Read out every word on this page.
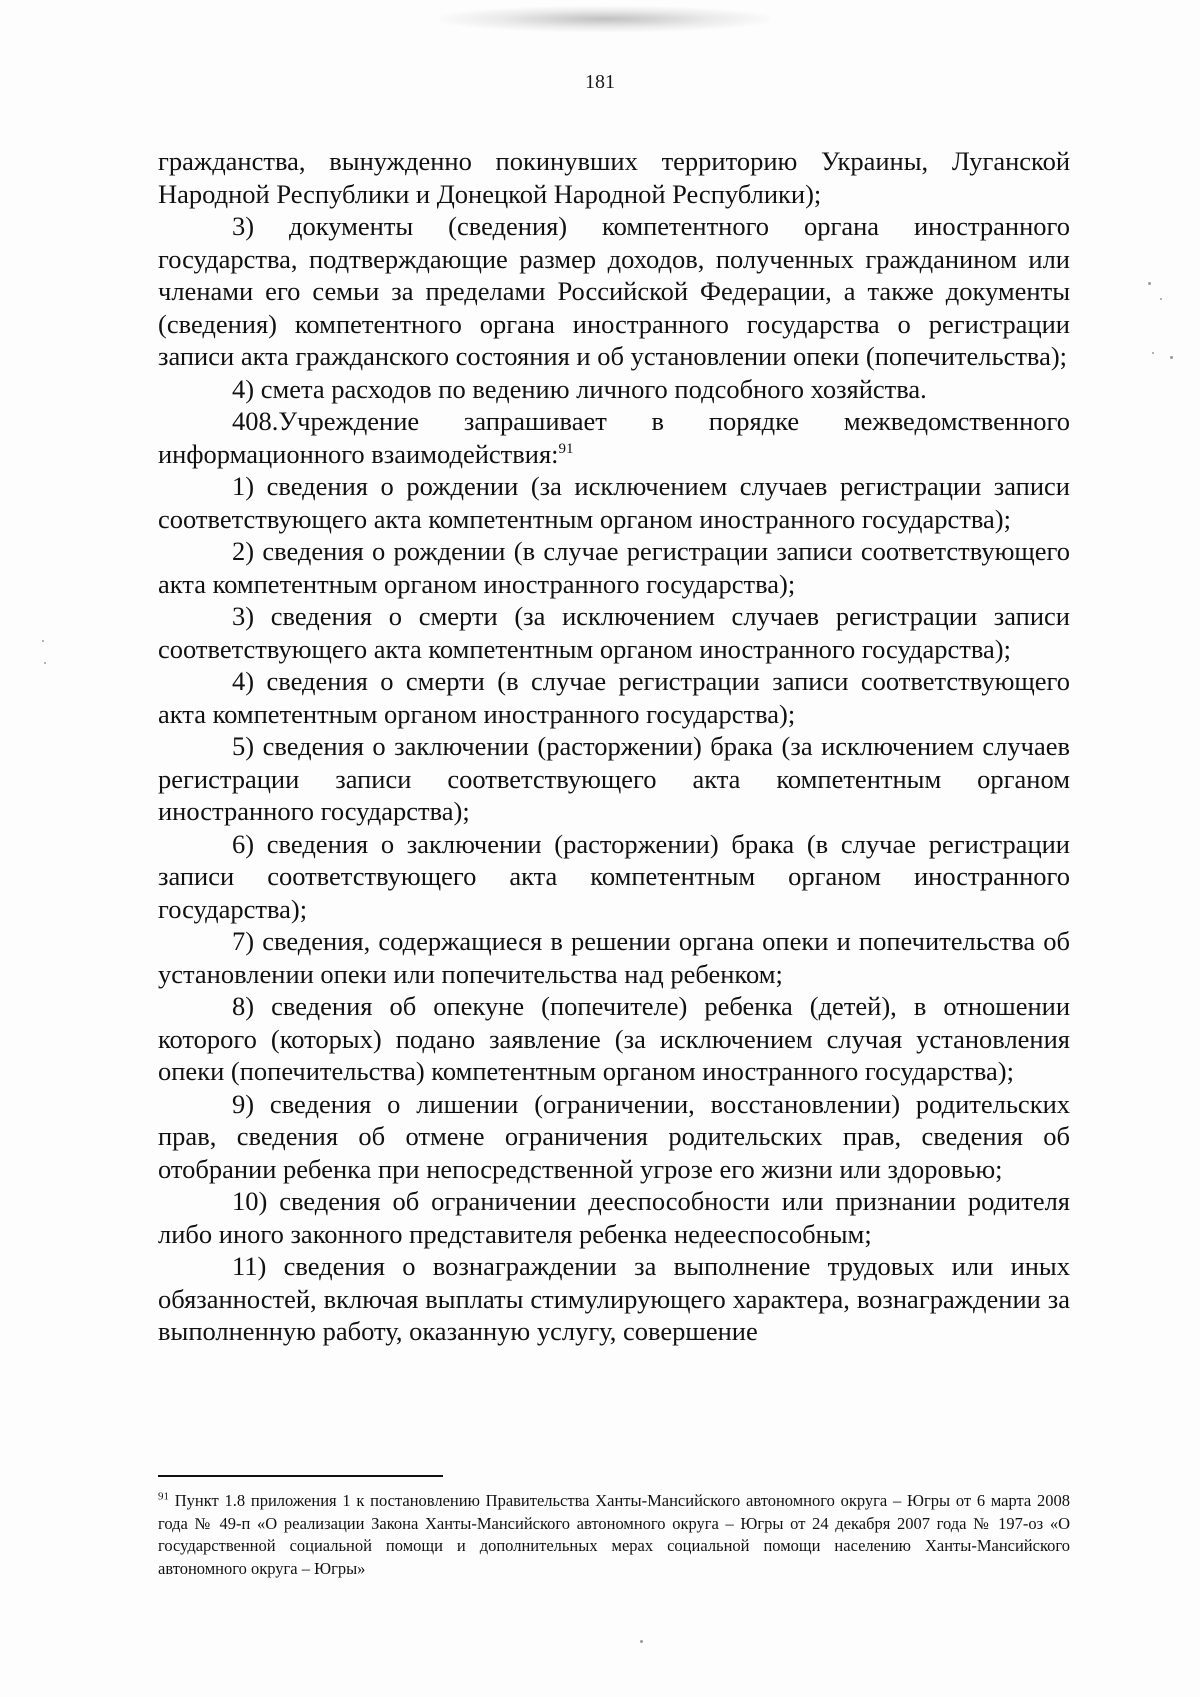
181

гражданства, вынужденно покинувших территорию Украины, Луганской Народной Республики и Донецкой Народной Республики);

3) документы (сведения) компетентного органа иностранного государства, подтверждающие размер доходов, полученных гражданином или членами его семьи за пределами Российской Федерации, а также документы (сведения) компетентного органа иностранного государства о регистрации записи акта гражданского состояния и об установлении опеки (попечительства);

4) смета расходов по ведению личного подсобного хозяйства.

408.Учреждение запрашивает в порядке межведомственного информационного взаимодействия:$^{91}$

1) сведения о рождении (за исключением случаев регистрации записи соответствующего акта компетентным органом иностранного государства);

2) сведения о рождении (в случае регистрации записи соответствующего акта компетентным органом иностранного государства);

3) сведения о смерти (за исключением случаев регистрации записи соответствующего акта компетентным органом иностранного государства);

4) сведения о смерти (в случае регистрации записи соответствующего акта компетентным органом иностранного государства);

5) сведения о заключении (расторжении) брака (за исключением случаев регистрации записи соответствующего акта компетентным органом иностранного государства);

6) сведения о заключении (расторжении) брака (в случае регистрации записи соответствующего акта компетентным органом иностранного государства);

7) сведения, содержащиеся в решении органа опеки и попечительства об установлении опеки или попечительства над ребенком;

8) сведения об опекуне (попечителе) ребенка (детей), в отношении которого (которых) подано заявление (за исключением случая установления опеки (попечительства) компетентным органом иностранного государства);

9) сведения о лишении (ограничении, восстановлении) родительских прав, сведения об отмене ограничения родительских прав, сведения об отобрании ребенка при непосредственной угрозе его жизни или здоровью;

10) сведения об ограничении дееспособности или признании родителя либо иного законного представителя ребенка недееспособным;

11) сведения о вознаграждении за выполнение трудовых или иных обязанностей, включая выплаты стимулирующего характера, вознаграждении за выполненную работу, оказанную услугу, совершение

$^{91}$ Пункт 1.8 приложения 1 к постановлению Правительства Ханты-Мансийского автономного округа – Югры от 6 марта 2008 года № 49-п «О реализации Закона Ханты-Мансийского автономного округа – Югры от 24 декабря 2007 года № 197-оз «О государственной социальной помощи и дополнительных мерах социальной помощи населению Ханты-Мансийского автономного округа – Югры»
